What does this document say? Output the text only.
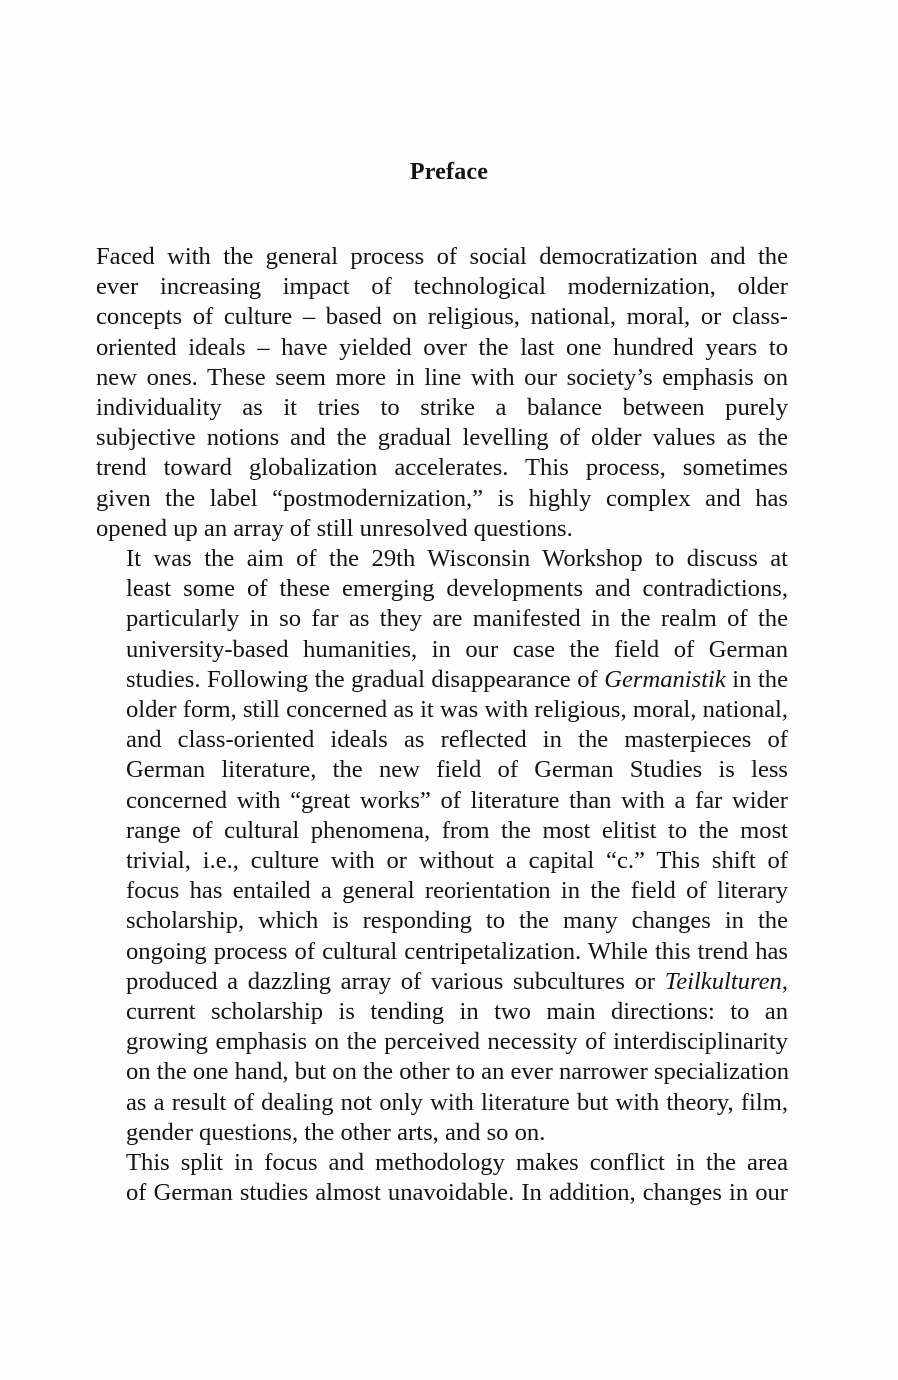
Preface
Faced with the general process of social democratization and the
ever increasing impact of technological modernization, older
concepts of culture – based on religious, national, moral, or class-
oriented ideals – have yielded over the last one hundred years to
new ones. These seem more in line with our society’s emphasis on
individuality as it tries to strike a balance between purely
subjective notions and the gradual levelling of older values as the
trend toward globalization accelerates. This process, sometimes
given the label “postmodernization,” is highly complex and has
opened up an array of still unresolved questions.
It was the aim of the 29th Wisconsin Workshop to discuss at
least some of these emerging developments and contradictions,
particularly in so far as they are manifested in the realm of the
university-based humanities, in our case the field of German
studies. Following the gradual disappearance of Germanistik in the
older form, still concerned as it was with religious, moral, national,
and class-oriented ideals as reflected in the masterpieces of
German literature, the new field of German Studies is less
concerned with “great works” of literature than with a far wider
range of cultural phenomena, from the most elitist to the most
trivial, i.e., culture with or without a capital “c.” This shift of
focus has entailed a general reorientation in the field of literary
scholarship, which is responding to the many changes in the
ongoing process of cultural centripetalization. While this trend has
produced a dazzling array of various subcultures or Teilkulturen,
current scholarship is tending in two main directions: to an
growing emphasis on the perceived necessity of interdisciplinarity
on the one hand, but on the other to an ever narrower specialization
as a result of dealing not only with literature but with theory, film,
gender questions, the other arts, and so on.
This split in focus and methodology makes conflict in the area
of German studies almost unavoidable. In addition, changes in our
